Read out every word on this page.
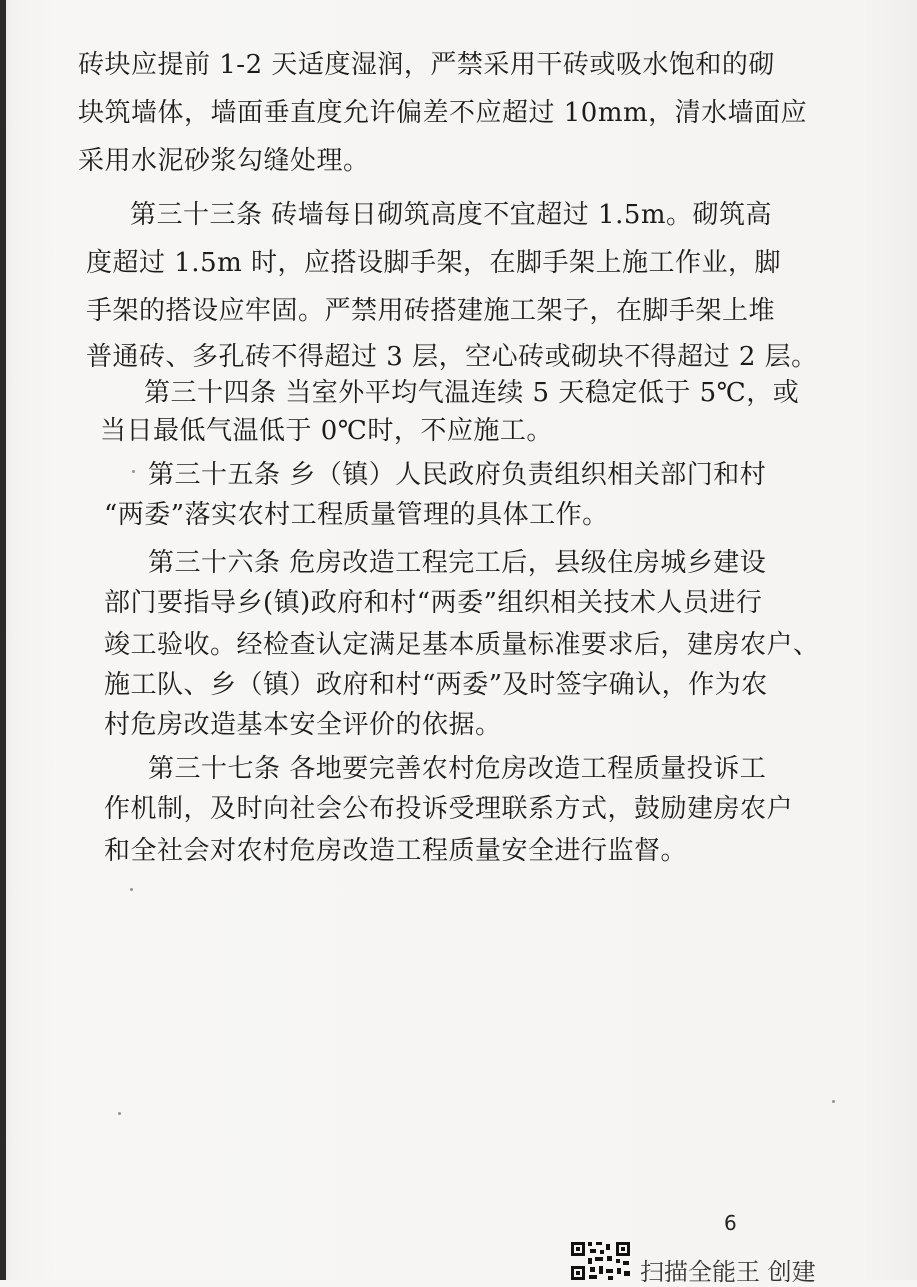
砖块应提前 1-2 天适度湿润，严禁采用干砖或吸水饱和的砌
块筑墙体，墙面垂直度允许偏差不应超过 10mm，清水墙面应
采用水泥砂浆勾缝处理。
第三十三条 砖墙每日砌筑高度不宜超过 1.5m。砌筑高
度超过 1.5m 时，应搭设脚手架，在脚手架上施工作业，脚
手架的搭设应牢固。严禁用砖搭建施工架子，在脚手架上堆
普通砖、多孔砖不得超过 3 层，空心砖或砌块不得超过 2 层。
第三十四条 当室外平均气温连续 5 天稳定低于 5℃，或
当日最低气温低于 0℃时，不应施工。
第三十五条 乡（镇）人民政府负责组织相关部门和村
“两委”落实农村工程质量管理的具体工作。
第三十六条 危房改造工程完工后，县级住房城乡建设
部门要指导乡(镇)政府和村“两委”组织相关技术人员进行
竣工验收。经检查认定满足基本质量标准要求后，建房农户、
施工队、乡（镇）政府和村“两委”及时签字确认，作为农
村危房改造基本安全评价的依据。
第三十七条 各地要完善农村危房改造工程质量投诉工
作机制，及时向社会公布投诉受理联系方式，鼓励建房农户
和全社会对农村危房改造工程质量安全进行监督。
6
扫描全能王 创建
